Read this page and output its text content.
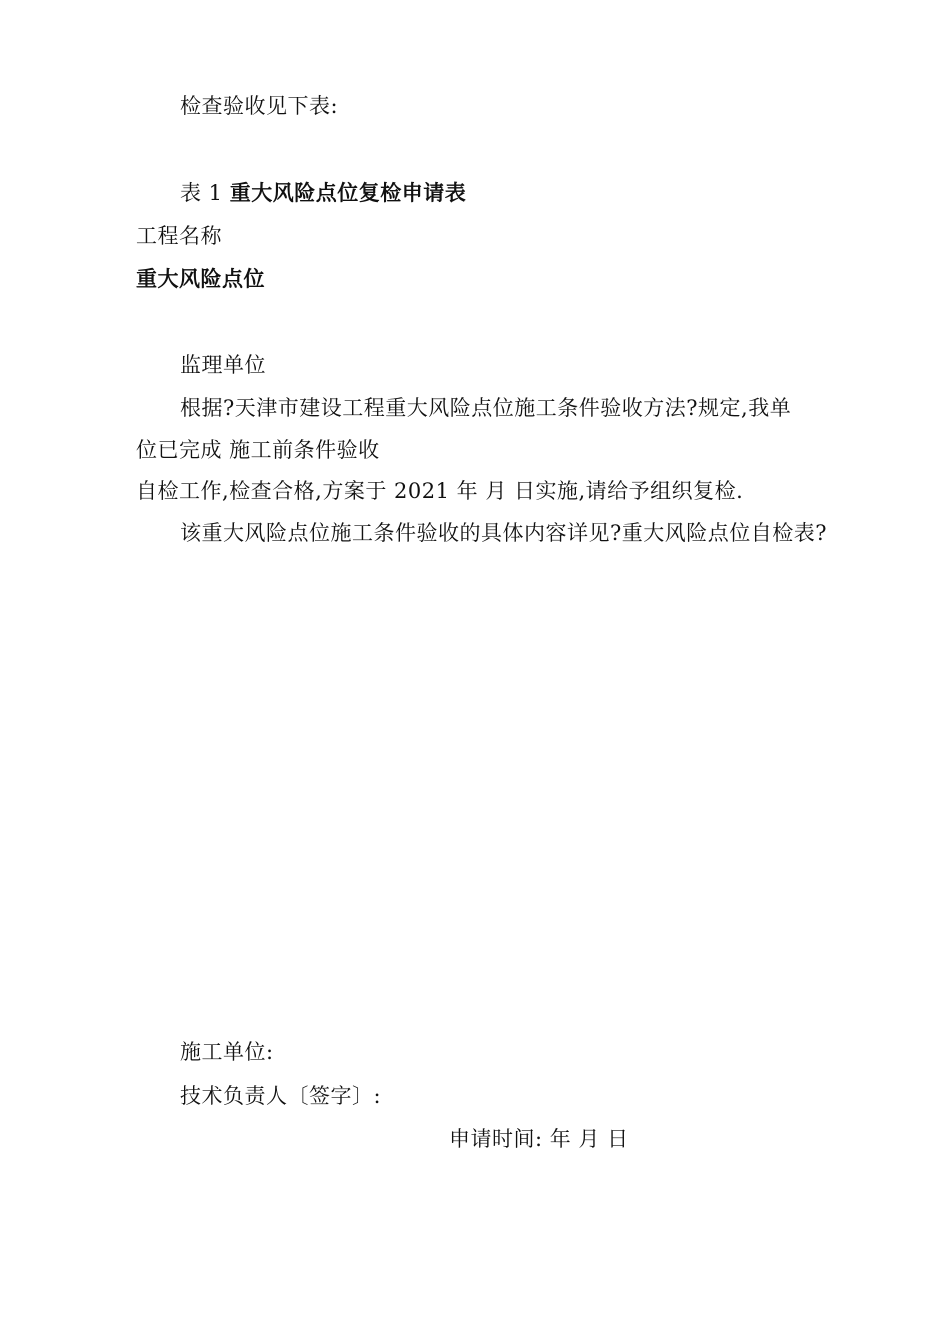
检查验收见下表:
表 1 重大风险点位复检申请表
工程名称
重大风险点位
监理单位
根据?天津市建设工程重大风险点位施工条件验收方法?规定,我单
位已完成 施工前条件验收
自检工作,检查合格,方案于 2021 年 月 日实施,请给予组织复检.
该重大风险点位施工条件验收的具体内容详见?重大风险点位自检表?
施工单位:
技术负责人〔签字〕:
申请时间: 年 月 日
